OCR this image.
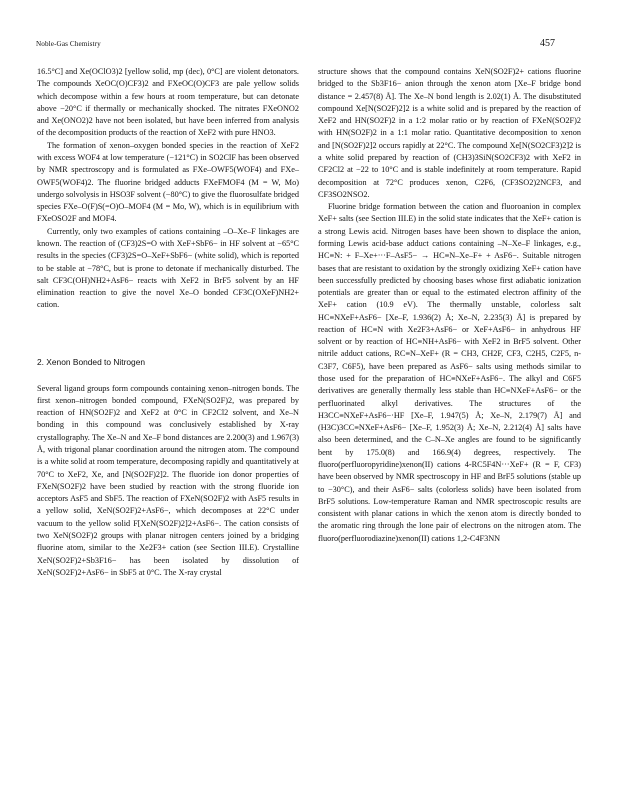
Noble-Gas Chemistry	457

16.5°C] and Xe(OClO3)2 [yellow solid, mp (dec), 0°C] are violent detonators. The compounds XeOC(O)CF3)2 and FXeOC(O)CF3 are pale yellow solids which decompose within a few hours at room temperature, but can detonate above −20°C if thermally or mechanically shocked. The nitrates FXeONO2 and Xe(ONO2)2 have not been isolated, but have been inferred from analysis of the decomposition products of the reaction of XeF2 with pure HNO3.

The formation of xenon–oxygen bonded species in the reaction of XeF2 with excess WOF4 at low temperature (−121°C) in SO2ClF has been observed by NMR spectroscopy and is formulated as FXe–OWF5(WOF4) and FXe–OWF5(WOF4)2. The fluorine bridged adducts FXeFMOF4 (M = W, Mo) undergo solvolysis in HSO3F solvent (−80°C) to give the fluorosulfate bridged species FXe–O(F)S(=O)O–MOF4 (M = Mo, W), which is in equilibrium with FXeOSO2F and MOF4.

Currently, only two examples of cations containing –O–Xe–F linkages are known. The reaction of (CF3)2S=O with XeF+SbF6− in HF solvent at −65°C results in the species (CF3)2S=O–XeF+SbF6− (white solid), which is reported to be stable at −78°C, but is prone to detonate if mechanically disturbed. The salt CF3C(OH)NH2+AsF6− reacts with XeF2 in BrF5 solvent by an HF elimination reaction to give the novel Xe–O bonded CF3C(OXeF)NH2+ cation.

2. Xenon Bonded to Nitrogen

Several ligand groups form compounds containing xenon–nitrogen bonds. The first xenon–nitrogen bonded compound, FXeN(SO2F)2, was prepared by reaction of HN(SO2F)2 and XeF2 at 0°C in CF2Cl2 solvent, and Xe–N bonding in this compound was conclusively established by X-ray crystallography. The Xe–N and Xe–F bond distances are 2.200(3) and 1.967(3) Å, with trigonal planar coordination around the nitrogen atom. The compound is a white solid at room temperature, decomposing rapidly and quantitatively at 70°C to XeF2, Xe, and [N(SO2F)2]2. The fluoride ion donor properties of FXeN(SO2F)2 have been studied by reaction with the strong fluoride ion acceptors AsF5 and SbF5. The reaction of FXeN(SO2F)2 with AsF5 results in a yellow solid, XeN(SO2F)2+AsF6−, which decomposes at 22°C under vacuum to the yellow solid F[XeN(SO2F)2]2+AsF6−. The cation consists of two XeN(SO2F)2 groups with planar nitrogen centers joined by a bridging fluorine atom, similar to the Xe2F3+ cation (see Section III.E). Crystalline XeN(SO2F)2+Sb3F16− has been isolated by dissolution of XeN(SO2F)2+AsF6− in SbF5 at 0°C. The X-ray crystal

structure shows that the compound contains XeN(SO2F)2+ cations fluorine bridged to the Sb3F16− anion through the xenon atom [Xe–F bridge bond distance = 2.457(8) Å]. The Xe–N bond length is 2.02(1) Å. The disubstituted compound Xe[N(SO2F)2]2 is a white solid and is prepared by the reaction of XeF2 and HN(SO2F)2 in a 1:2 molar ratio or by reaction of FXeN(SO2F)2 with HN(SO2F)2 in a 1:1 molar ratio. Quantitative decomposition to xenon and [N(SO2F)2]2 occurs rapidly at 22°C. The compound Xe[N(SO2CF3)2]2 is a white solid prepared by reaction of (CH3)3SiN(SO2CF3)2 with XeF2 in CF2Cl2 at −22 to 10°C and is stable indefinitely at room temperature. Rapid decomposition at 72°C produces xenon, C2F6, (CF3SO2)2NCF3, and CF3SO2NSO2.

Fluorine bridge formation between the cation and fluoroanion in complex XeF+ salts (see Section III.E) in the solid state indicates that the XeF+ cation is a strong Lewis acid. Nitrogen bases have been shown to displace the anion, forming Lewis acid-base adduct cations containing –N–Xe–F linkages, e.g., HC≡N: + F–Xe+···F–AsF5− → HC≡N–Xe–F+ + AsF6−. Suitable nitrogen bases that are resistant to oxidation by the strongly oxidizing XeF+ cation have been successfully predicted by choosing bases whose first adiabatic ionization potentials are greater than or equal to the estimated electron affinity of the XeF+ cation (10.9 eV). The thermally unstable, colorless salt HC≡NXeF+AsF6− [Xe–F, 1.936(2) Å; Xe–N, 2.235(3) Å] is prepared by reaction of HC≡N with Xe2F3+AsF6− or XeF+AsF6− in anhydrous HF solvent or by reaction of HC≡NH+AsF6− with XeF2 in BrF5 solvent. Other nitrile adduct cations, RC≡N–XeF+ (R = CH3, CH2F, CF3, C2H5, C2F5, n-C3F7, C6F5), have been prepared as AsF6− salts using methods similar to those used for the preparation of HC≡NXeF+AsF6−. The alkyl and C6F5 derivatives are generally thermally less stable than HC≡NXeF+AsF6− or the perfluorinated alkyl derivatives. The structures of the H3CC≡NXeF+AsF6−·HF [Xe–F, 1.947(5) Å; Xe–N, 2.179(7) Å] and (H3C)3CC≡NXeF+AsF6− [Xe–F, 1.952(3) Å; Xe–N, 2.212(4) Å] salts have also been determined, and the C–N–Xe angles are found to be significantly bent by 175.0(8) and 166.9(4) degrees, respectively. The fluoro(perfluoropyridine)xenon(II) cations 4-RC5F4N···XeF+ (R = F, CF3) have been observed by NMR spectroscopy in HF and BrF5 solutions (stable up to −30°C), and their AsF6− salts (colorless solids) have been isolated from BrF5 solutions. Low-temperature Raman and NMR spectroscopic results are consistent with planar cations in which the xenon atom is directly bonded to the aromatic ring through the lone pair of electrons on the nitrogen atom. The fluoro(perfluorodiazine)xenon(II) cations 1,2-C4F3NN
